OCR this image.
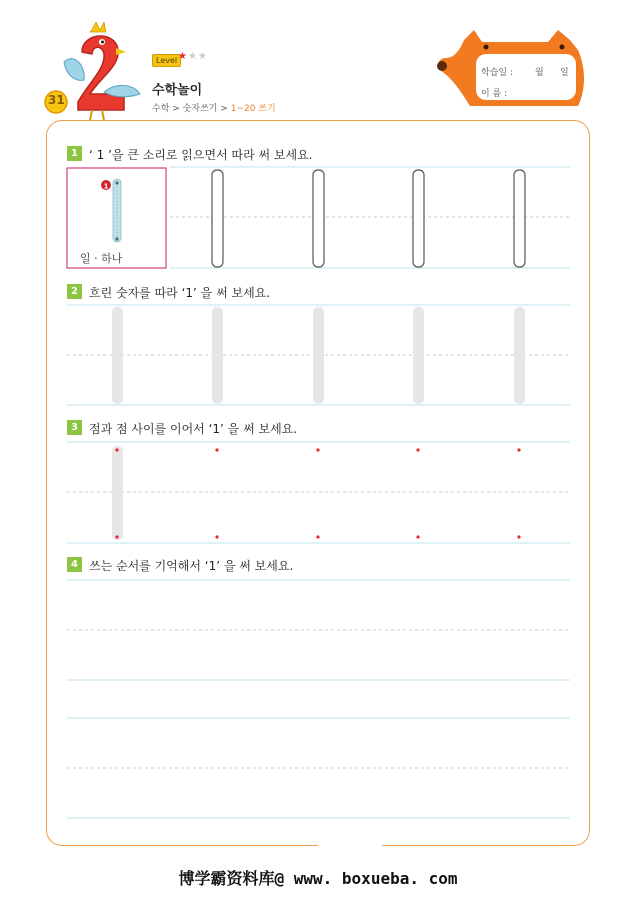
31
Level ★★★
수학놀이
수학 > 숫자쓰기 > 1~20 쓰기
학습일 : 월 일
이 름 :
1 ‘ 1 ’을 큰 소리로 읽으면서 따라 써 보세요.
2 흐린 숫자를 따라 ‘1’ 을 써 보세요.
3 점과 점 사이를 이어서 ‘1’ 을 써 보세요.
4 쓰는 순서를 기억해서 ‘1’ 을 써 보세요.
1
일 · 하나
博学霸资料库@ www. boxueba. com
